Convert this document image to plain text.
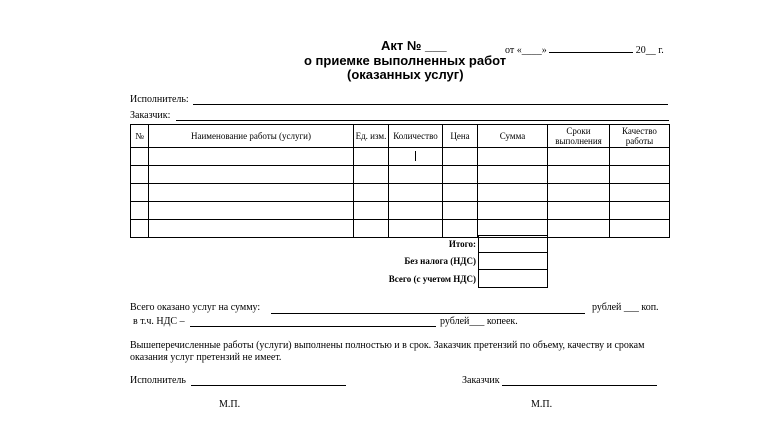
Акт № ___
о приемке выполненных работ
(оказанных услуг)
от «____»	20__ г.
Исполнитель:
Заказчик:
№	Наименование работы (услуги)	Ед. изм.	Количество	Цена	Сумма	Сроки выполнения	Качество работы

Итого:
Без налога (НДС)
Всего (с учетом НДС)
Всего оказано услуг на сумму:	рублей ___ коп.
в т.ч. НДС –	рублей___ копеек.
Вышеперечисленные работы (услуги) выполнены полностью и в срок. Заказчик претензий по объему, качеству и срокам
оказания услуг претензий не имеет.
Исполнитель	Заказчик
М.П.	М.П.
